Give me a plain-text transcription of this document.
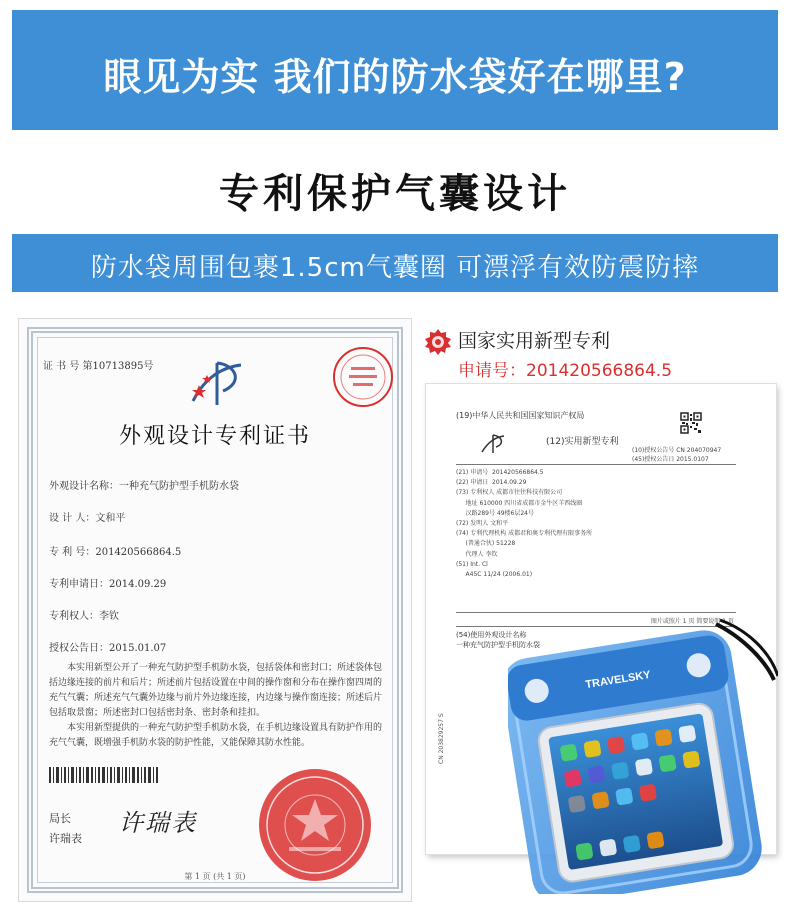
眼见为实 我们的防水袋好在哪里?
专利保护气囊设计
防水袋周围包裹1.5cm气囊圈 可漂浮有效防震防摔
证 书 号 第10713895号
外观设计专利证书
外观设计名称：一种充气防护型手机防水袋
设 计 人：文和平
专 利 号：201420566864.5
专利申请日：2014.09.29
专利权人：李钦
授权公告日：2015.01.07

本实用新型公开了一种充气防护型手机防水袋，包括袋体和密封口；所述袋体包括边缘连接的前片和后片；所述前片包括设置在中间的操作窗和分布在操作窗四周的充气气囊；所述充气气囊外边缘与前片外边缘连接，内边缘与操作窗连接；所述后片包括取景窗；所述密封口包括密封条、密封条和挂扣。

本实用新型提供的一种充气防护型手机防水袋，在手机边缘设置具有防护作用的充气气囊，既增强手机防水袋的防护性能，又能保障其防水性能。

局长
许瑞表
许瑞表
第 1 页 (共 1 页)
国家实用新型专利
申请号：201420566864.5
(19)中华人民共和国国家知识产权局
(12)实用新型专利
(10)授权公告号 CN 204070947
(45)授权公告日 2015.0107
(21) 申请号  201420566864.5
(22) 申请日  2014.09.29
(73) 专利权人 成都市往往科技有限公司
地址 610000 四川省成都市金牛区羊西线圈
汉路289号 49楼6层24号
(72) 发明人 文和平
(74) 专利代理机构 成都君和奥专利代理有限事务所
(普通合伙) 51228
代理人 李钦
(51) Int. Cl
A45C 11/24 (2006.01)
图片或照片 1 页 简要说明 1 页
(54)使用外观设计名称
一种充气防护型手机防水袋
CN 203829257 S
TRAVELSKY
